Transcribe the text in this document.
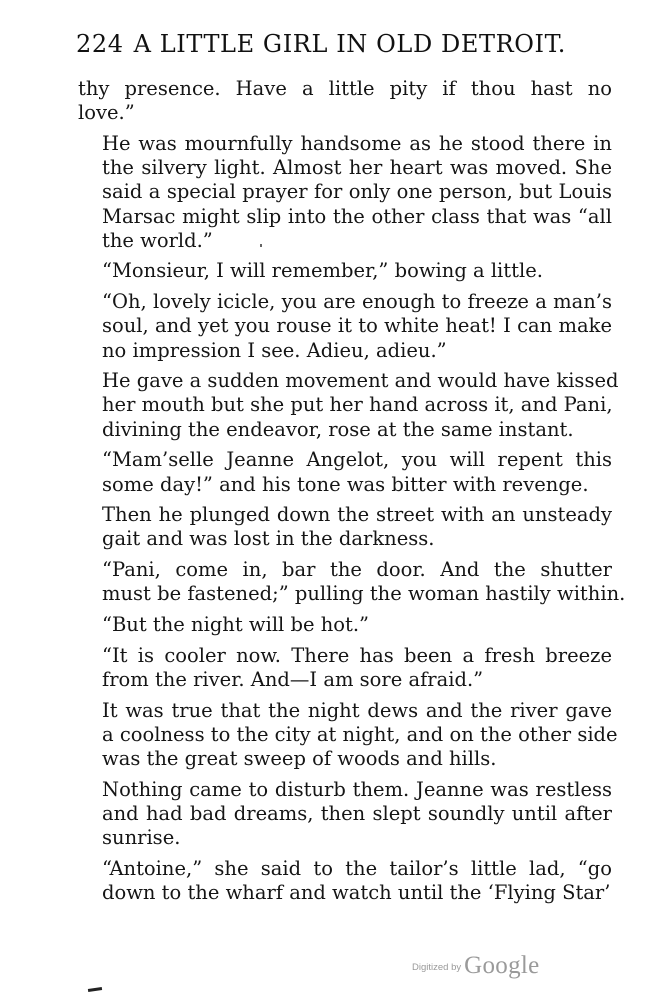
224 A LITTLE GIRL IN OLD DETROIT.

thy presence. Have a little pity if thou hast no
love.”

He was mournfully handsome as he stood there in
the silvery light. Almost her heart was moved. She
said a special prayer for only one person, but Louis
Marsac might slip into the other class that was “all
the world.”

“Monsieur, I will remember,” bowing a little.

“Oh, lovely icicle, you are enough to freeze a man’s
soul, and yet you rouse it to white heat! I can make
no impression I see. Adieu, adieu.”

He gave a sudden movement and would have kissed
her mouth but she put her hand across it, and Pani,
divining the endeavor, rose at the same instant.

“Mam’selle Jeanne Angelot, you will repent this
some day!” and his tone was bitter with revenge.

Then he plunged down the street with an unsteady
gait and was lost in the darkness.

“Pani, come in, bar the door. And the shutter
must be fastened;” pulling the woman hastily within.

“But the night will be hot.”

“It is cooler now. There has been a fresh breeze
from the river. And—I am sore afraid.”

It was true that the night dews and the river gave
a coolness to the city at night, and on the other side
was the great sweep of woods and hills.

Nothing came to disturb them. Jeanne was restless
and had bad dreams, then slept soundly until after
sunrise.

“Antoine,” she said to the tailor’s little lad, “go
down to the wharf and watch until the ‘Flying Star’

Digitized by Google
